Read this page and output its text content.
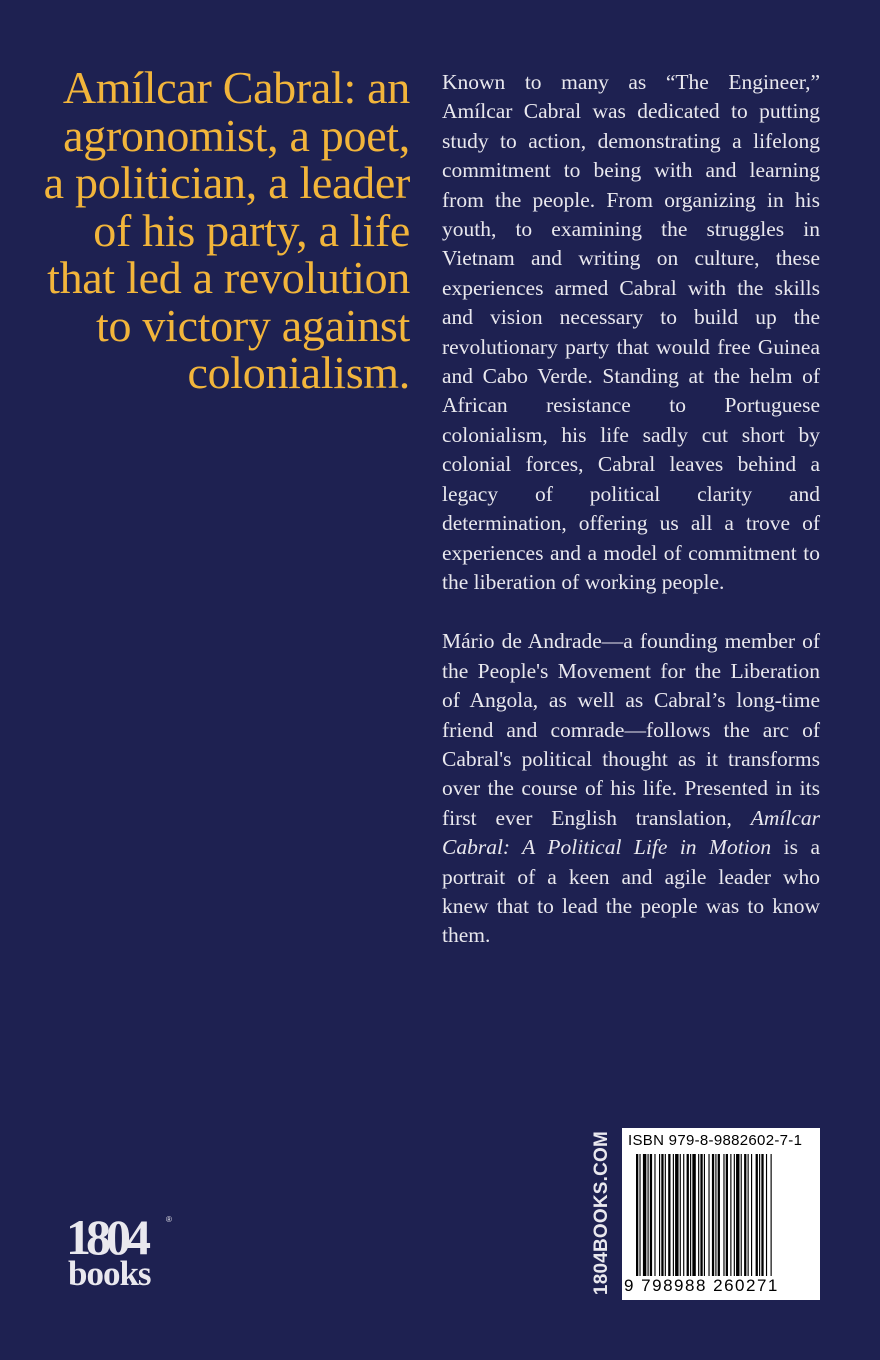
Amílcar Cabral: an agronomist, a poet, a politician, a leader of his party, a life that led a revolution to victory against colonialism.

Known to many as “The Engineer,” Amílcar Cabral was dedicated to putting study to action, demonstrating a lifelong commitment to being with and learning from the people. From organizing in his youth, to examining the struggles in Vietnam and writing on culture, these experiences armed Cabral with the skills and vision necessary to build up the revolutionary party that would free Guinea and Cabo Verde. Standing at the helm of African resistance to Portuguese colonialism, his life sadly cut short by colonial forces, Cabral leaves behind a legacy of political clarity and determination, offering us all a trove of experiences and a model of commitment to the liberation of working people.

Mário de Andrade—a founding member of the People's Movement for the Liberation of Angola, as well as Cabral’s long-time friend and comrade—follows the arc of Cabral's political thought as it transforms over the course of his life. Presented in its first ever English translation, Amílcar Cabral: A Political Life in Motion is a portrait of a keen and agile leader who knew that to lead the people was to know them.

1804	®
books	1804BOOKS.COM ISBN 979-8-9882602-7-1
9 798988 260271
